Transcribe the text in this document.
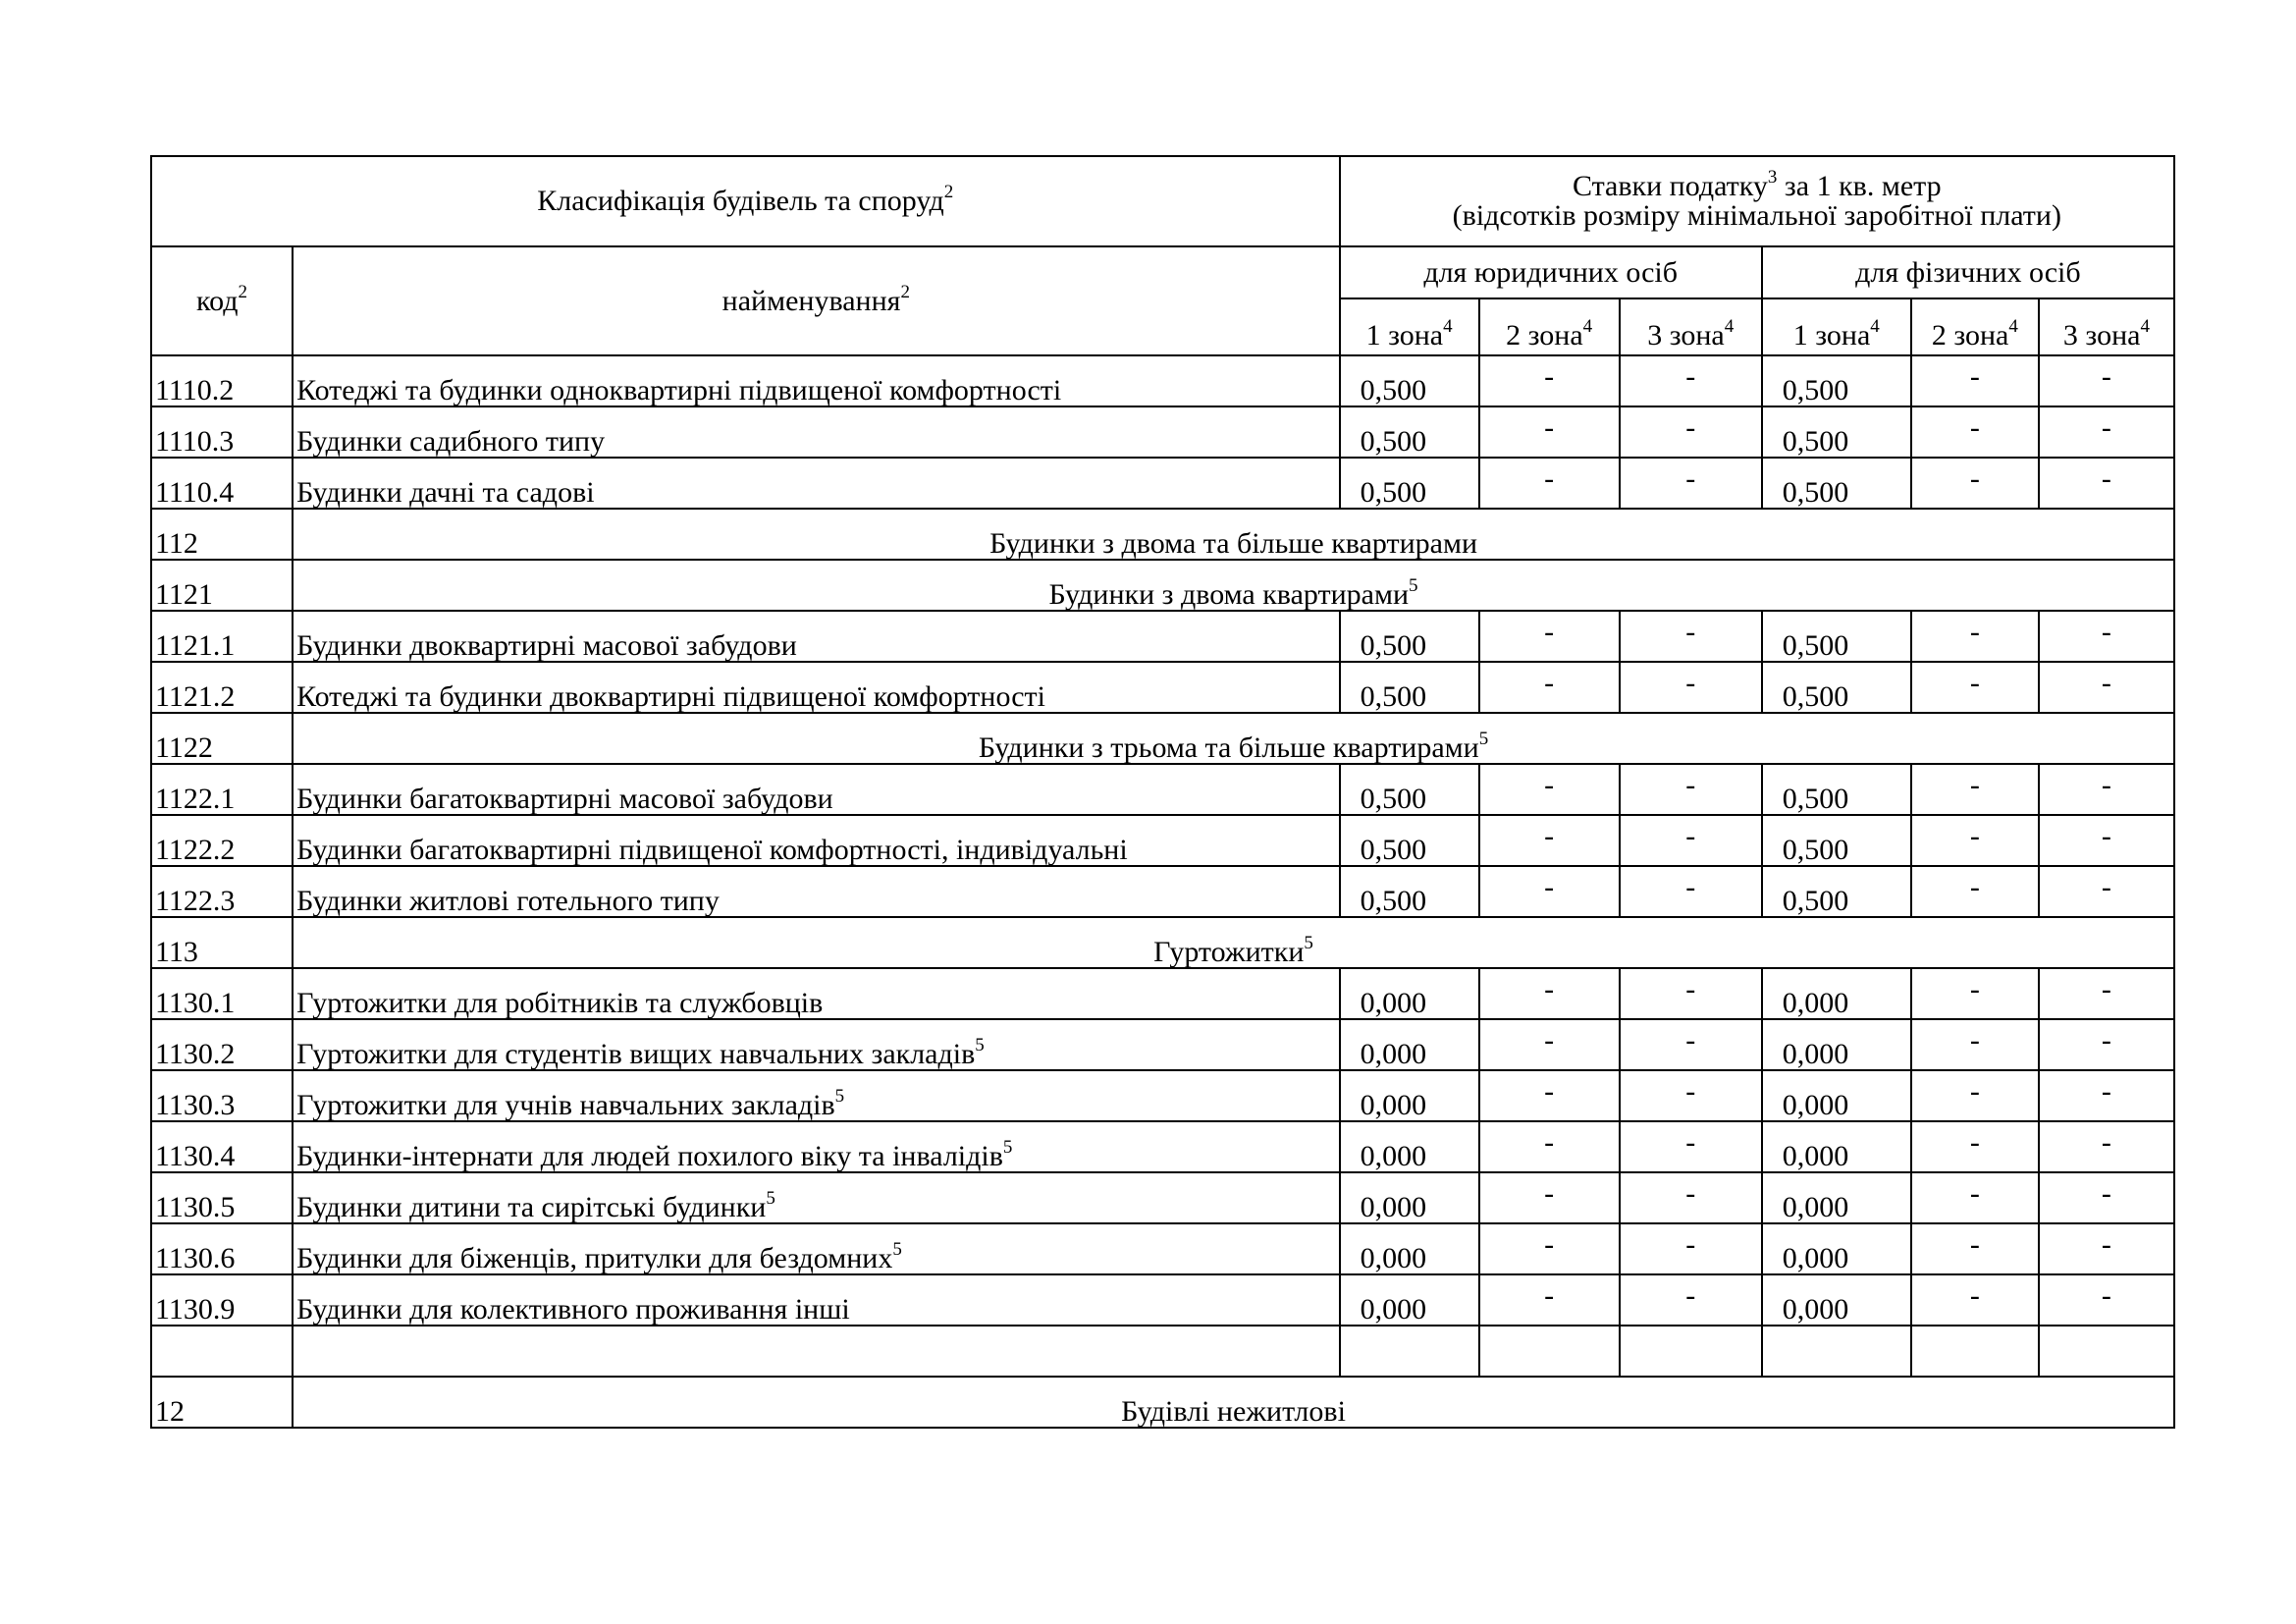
Класифікація будівель та споруд$^2$		Ставки податку$^3$ за 1 кв. метр
(відсотків розміру мінімальної заробітної плати)					

код$^2$	найменування$^2$	для юридичних осіб			для фізичних осіб		
		1 зона$^4$	2 зона$^4$	3 зона$^4$	1 зона$^4$	2 зона$^4$	3 зона$^4$
1110.2	Котеджі та будинки одноквартирні підвищеної комфортності	0,500	-	-	0,500	-	-
1110.3	Будинки садибного типу	0,500	-	-	0,500	-	-
1110.4	Будинки дачні та садові	0,500	-	-	0,500	-	-
112	Будинки з двома та більше квартирами						
1121	Будинки з двома квартирами$^5$
1121.1	Будинки двоквартирні масової забудови	0,500	-	-	0,500	-	-
1121.2	Котеджі та будинки двоквартирні підвищеної комфортності	0,500	-	-	0,500	-	-
1122	Будинки з трьома та більше квартирами$^5$
1122.1	Будинки багатоквартирні масової забудови	0,500	-	-	0,500	-	-
1122.2	Будинки багатоквартирні підвищеної комфортності, індивідуальні	0,500	-	-	0,500	-	-
1122.3	Будинки житлові готельного типу	0,500	-	-	0,500	-	-
113	Гуртожитки$^5$
1130.1	Гуртожитки для робітників та службовців	0,000	-	-	0,000	-	-
1130.2	Гуртожитки для студентів вищих навчальних закладів$^5$	0,000	-	-	0,000	-	-
1130.3	Гуртожитки для учнів навчальних закладів$^5$	0,000	-	-	0,000	-	-
1130.4	Будинки-інтернати для людей похилого віку та інвалідів$^5$	0,000	-	-	0,000	-	-
1130.5	Будинки дитини та сирітські будинки$^5$	0,000	-	-	0,000	-	-
1130.6	Будинки для біженців, притулки для бездомних$^5$	0,000	-	-	0,000	-	-
1130.9	Будинки для колективного проживання інші	0,000	-	-	0,000	-	-

12	Будівлі нежитлові						
